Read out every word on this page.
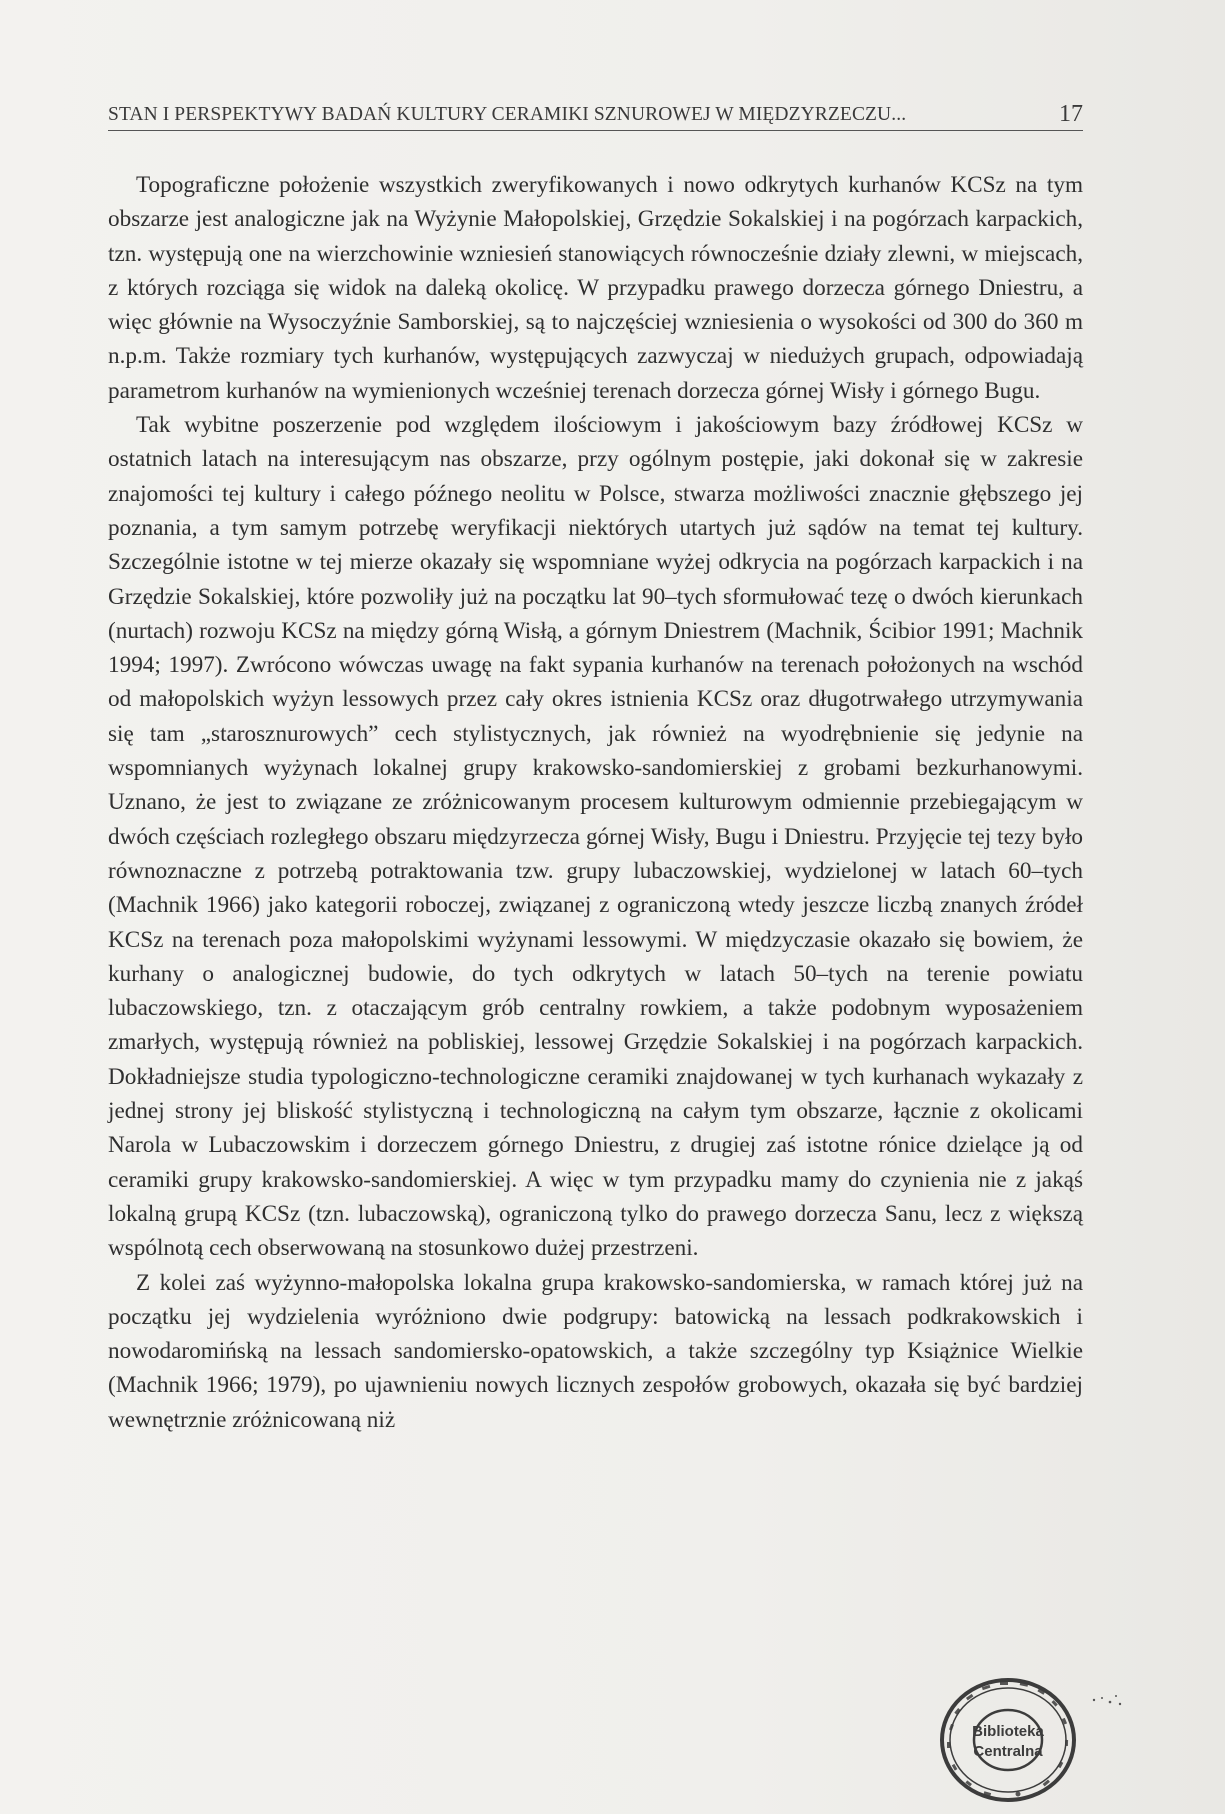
STAN I PERSPEKTYWY BADAŃ KULTURY CERAMIKI SZNUROWEJ W MIĘDZYRZECZU...	17

Topograficzne położenie wszystkich zweryfikowanych i nowo odkrytych kurhanów KCSz na tym obszarze jest analogiczne jak na Wyżynie Małopolskiej, Grzędzie Sokalskiej i na pogórzach karpackich, tzn. występują one na wierzchowinie wzniesień stanowiących równocześnie działy zlewni, w miejscach, z których rozciąga się widok na daleką okolicę. W przypadku prawego dorzecza górnego Dniestru, a więc głównie na Wysoczyźnie Samborskiej, są to najczęściej wzniesienia o wysokości od 300 do 360 m n.p.m. Także rozmiary tych kurhanów, występujących zazwyczaj w niedużych grupach, odpowiadają parametrom kurhanów na wymienionych wcześniej terenach dorzecza górnej Wisły i górnego Bugu.

Tak wybitne poszerzenie pod względem ilościowym i jakościowym bazy źródłowej KCSz w ostatnich latach na interesującym nas obszarze, przy ogólnym postępie, jaki dokonał się w zakresie znajomości tej kultury i całego późnego neolitu w Polsce, stwarza możliwości znacznie głębszego jej poznania, a tym samym potrzebę weryfikacji niektórych utartych już sądów na temat tej kultury. Szczególnie istotne w tej mierze okazały się wspomniane wyżej odkrycia na pogórzach karpackich i na Grzędzie Sokalskiej, które pozwoliły już na początku lat 90–tych sformułować tezę o dwóch kierunkach (nurtach) rozwoju KCSz na między górną Wisłą, a górnym Dniestrem (Machnik, Ścibior 1991; Machnik 1994; 1997). Zwrócono wówczas uwagę na fakt sypania kurhanów na terenach położonych na wschód od małopolskich wyżyn lessowych przez cały okres istnienia KCSz oraz długotrwałego utrzymywania się tam „starosznurowych” cech stylistycznych, jak również na wyodrębnienie się jedynie na wspomnianych wyżynach lokalnej grupy krakowsko-sandomierskiej z grobami bezkurhanowymi. Uznano, że jest to związane ze zróżnicowanym procesem kulturowym odmiennie przebiegającym w dwóch częściach rozległego obszaru międzyrzecza górnej Wisły, Bugu i Dniestru. Przyjęcie tej tezy było równoznaczne z potrzebą potraktowania tzw. grupy lubaczowskiej, wydzielonej w latach 60–tych (Machnik 1966) jako kategorii roboczej, związanej z ograniczoną wtedy jeszcze liczbą znanych źródeł KCSz na terenach poza małopolskimi wyżynami lessowymi. W międzyczasie okazało się bowiem, że kurhany o analogicznej budowie, do tych odkrytych w latach 50–tych na terenie powiatu lubaczowskiego, tzn. z otaczającym grób centralny rowkiem, a także podobnym wyposażeniem zmarłych, występują również na pobliskiej, lessowej Grzędzie Sokalskiej i na pogórzach karpackich. Dokładniejsze studia typologiczno-technologiczne ceramiki znajdowanej w tych kurhanach wykazały z jednej strony jej bliskość stylistyczną i technologiczną na całym tym obszarze, łącznie z okolicami Narola w Lubaczowskim i dorzeczem górnego Dniestru, z drugiej zaś istotne rónice dzielące ją od ceramiki grupy krakowsko-sandomierskiej. A więc w tym przypadku mamy do czynienia nie z jakąś lokalną grupą KCSz (tzn. lubaczowską), ograniczoną tylko do prawego dorzecza Sanu, lecz z większą wspólnotą cech obserwowaną na stosunkowo dużej przestrzeni.

Z kolei zaś wyżynno-małopolska lokalna grupa krakowsko-sandomierska, w ramach której już na początku jej wydzielenia wyróżniono dwie podgrupy: batowicką na lessach podkrakowskich i nowodaromińską na lessach sandomiersko-opatowskich, a także szczególny typ Książnice Wielkie (Machnik 1966; 1979), po ujawnieniu nowych licznych zespołów grobowych, okazała się być bardziej wewnętrznie zróżnicowaną niż

Biblioteka
Centralna
